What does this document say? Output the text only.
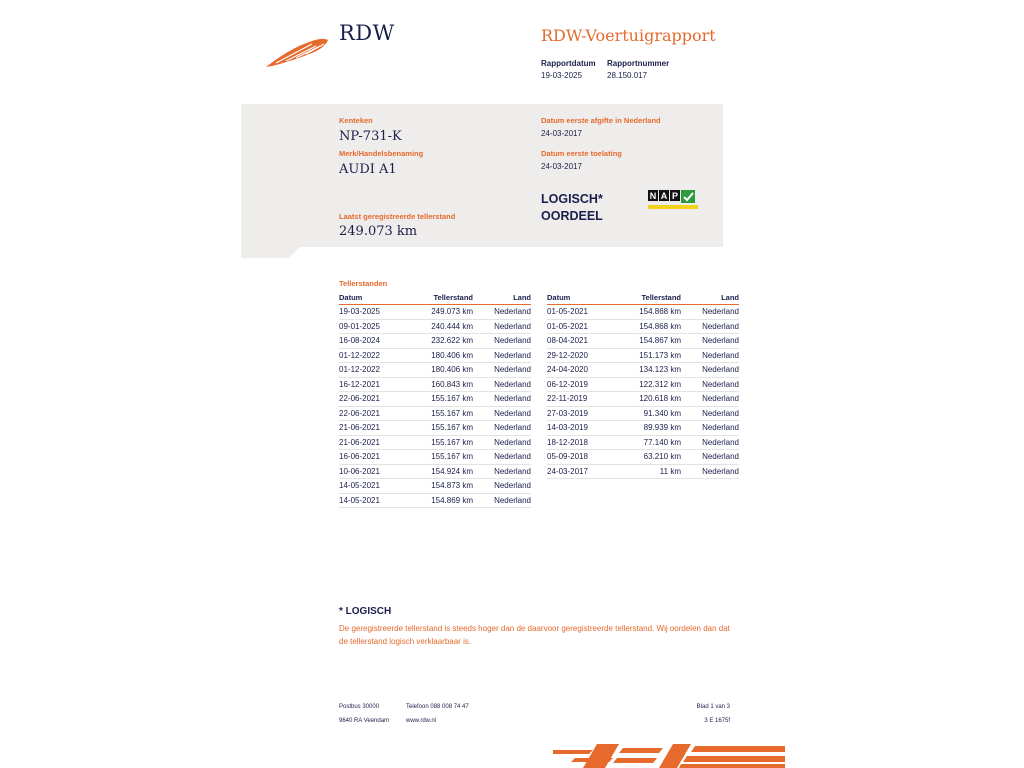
RDW	RDW-Voertuigrapport
Rapportdatum
19-03-2025
Rapportnummer
28.150.017
Kenteken
NP-731-K
Merk/Handelsbenaming
AUDI A1
Laatst geregistreerde tellerstand
249.073 km
Datum eerste afgifte in Nederland
24-03-2017
Datum eerste toelating
24-03-2017
LOGISCH*
OORDEEL
N A P
Tellerstanden
Datum	Tellerstand	Land
19-03-2025	249.073 km	Nederland
09-01-2025	240.444 km	Nederland
16-08-2024	232.622 km	Nederland
01-12-2022	180.406 km	Nederland
01-12-2022	180.406 km	Nederland
16-12-2021	160.843 km	Nederland
22-06-2021	155.167 km	Nederland
22-06-2021	155.167 km	Nederland
21-06-2021	155.167 km	Nederland
21-06-2021	155.167 km	Nederland
16-06-2021	155.167 km	Nederland
10-06-2021	154.924 km	Nederland
14-05-2021	154.873 km	Nederland
14-05-2021	154.869 km	Nederland
Datum	Tellerstand	Land
01-05-2021	154.868 km	Nederland
01-05-2021	154.868 km	Nederland
08-04-2021	154.867 km	Nederland
29-12-2020	151.173 km	Nederland
24-04-2020	134.123 km	Nederland
06-12-2019	122.312 km	Nederland
22-11-2019	120.618 km	Nederland
27-03-2019	91.340 km	Nederland
14-03-2019	89.939 km	Nederland
18-12-2018	77.140 km	Nederland
05-09-2018	63.210 km	Nederland
24-03-2017	11 km	Nederland
* LOGISCH
De geregistreerde tellerstand is steeds hoger dan de daarvoor geregistreerde tellerstand. Wij oordelen dan dat de tellerstand logisch verklaarbaar is.
Postbus 30000
9640 RA Veendam
Telefoon 088 008 74 47
www.rdw.nl
Blad 1 van 3
3 E 1675f
